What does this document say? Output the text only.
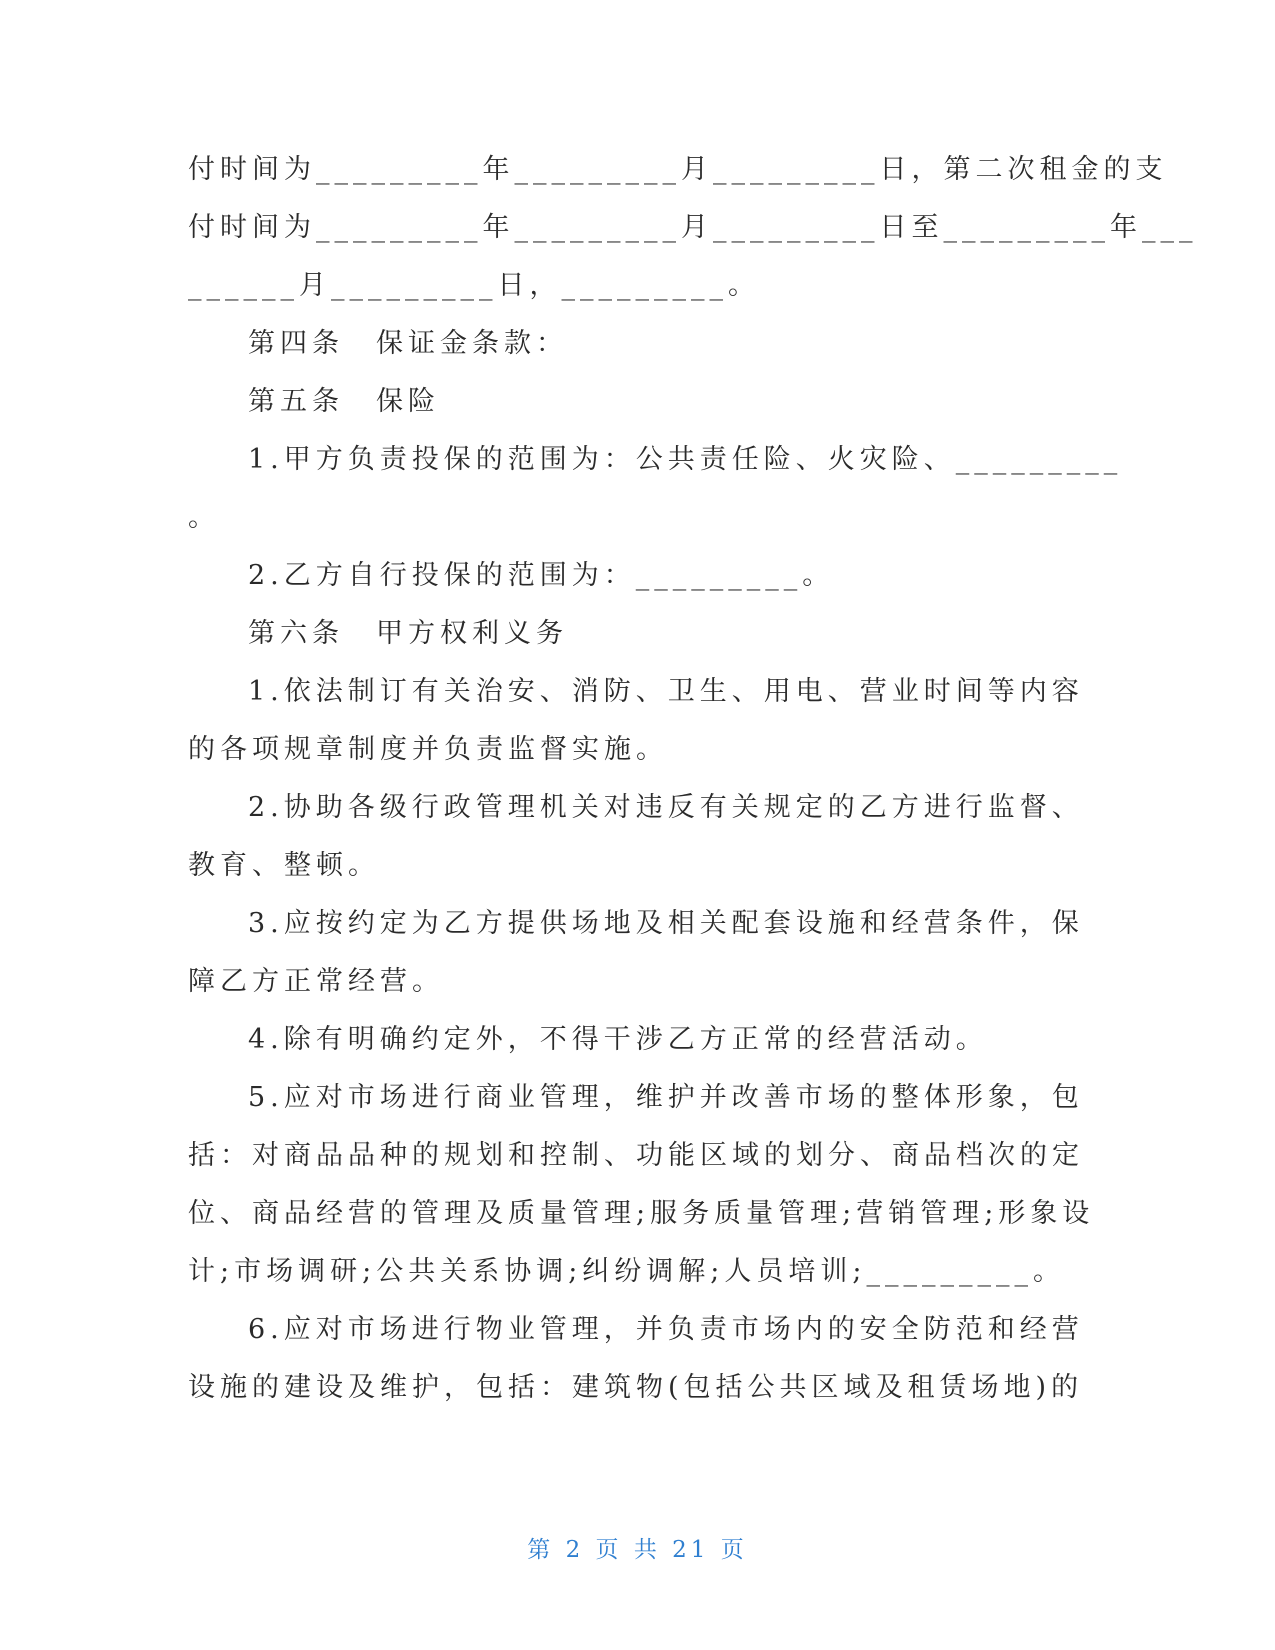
付时间为_________年_________月_________日，第二次租金的支
付时间为_________年_________月_________日至_________年___
______月_________日，_________。
第四条　保证金条款：
第五条　保险
1.甲方负责投保的范围为：公共责任险、火灾险、_________
。
2.乙方自行投保的范围为：_________。
第六条　甲方权利义务
1.依法制订有关治安、消防、卫生、用电、营业时间等内容
的各项规章制度并负责监督实施。
2.协助各级行政管理机关对违反有关规定的乙方进行监督、
教育、整顿。
3.应按约定为乙方提供场地及相关配套设施和经营条件，保
障乙方正常经营。
4.除有明确约定外，不得干涉乙方正常的经营活动。
5.应对市场进行商业管理，维护并改善市场的整体形象，包
括：对商品品种的规划和控制、功能区域的划分、商品档次的定
位、商品经营的管理及质量管理;服务质量管理;营销管理;形象设
计;市场调研;公共关系协调;纠纷调解;人员培训;_________。
6.应对市场进行物业管理，并负责市场内的安全防范和经营
设施的建设及维护，包括：建筑物(包括公共区域及租赁场地)的
第 2 页 共 21 页
